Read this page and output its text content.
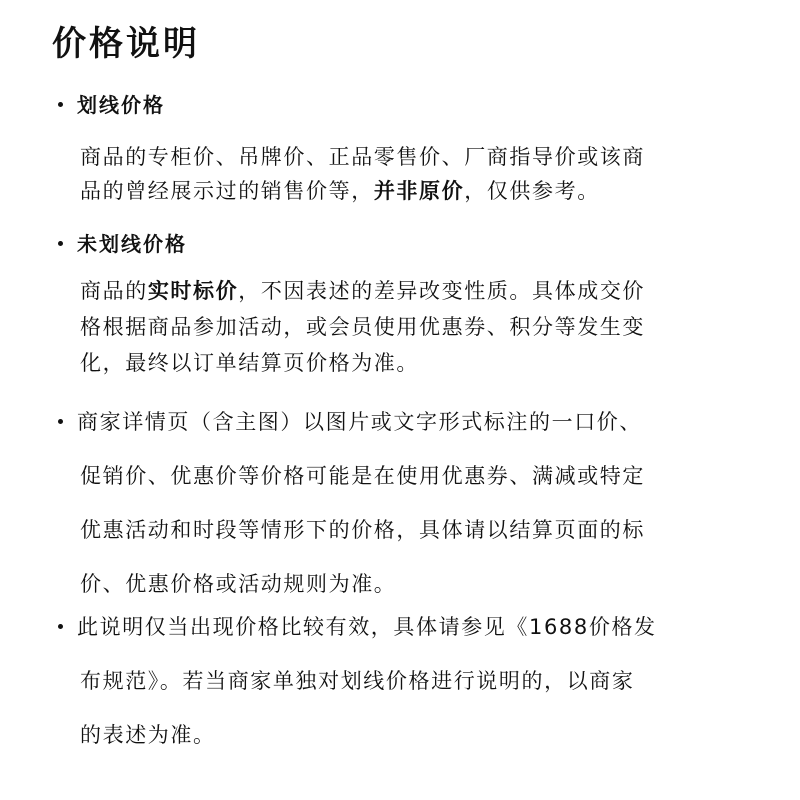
价格说明
划线价格
商品的专柜价、吊牌价、正品零售价、厂商指导价或该商
品的曾经展示过的销售价等，并非原价，仅供参考。
未划线价格
商品的实时标价，不因表述的差异改变性质。具体成交价
格根据商品参加活动，或会员使用优惠券、积分等发生变
化，最终以订单结算页价格为准。
商家详情页（含主图）以图片或文字形式标注的一口价、
促销价、优惠价等价格可能是在使用优惠券、满减或特定
优惠活动和时段等情形下的价格，具体请以结算页面的标
价、优惠价格或活动规则为准。
此说明仅当出现价格比较有效，具体请参见《1688价格发
布规范》。若当商家单独对划线价格进行说明的，以商家
的表述为准。
